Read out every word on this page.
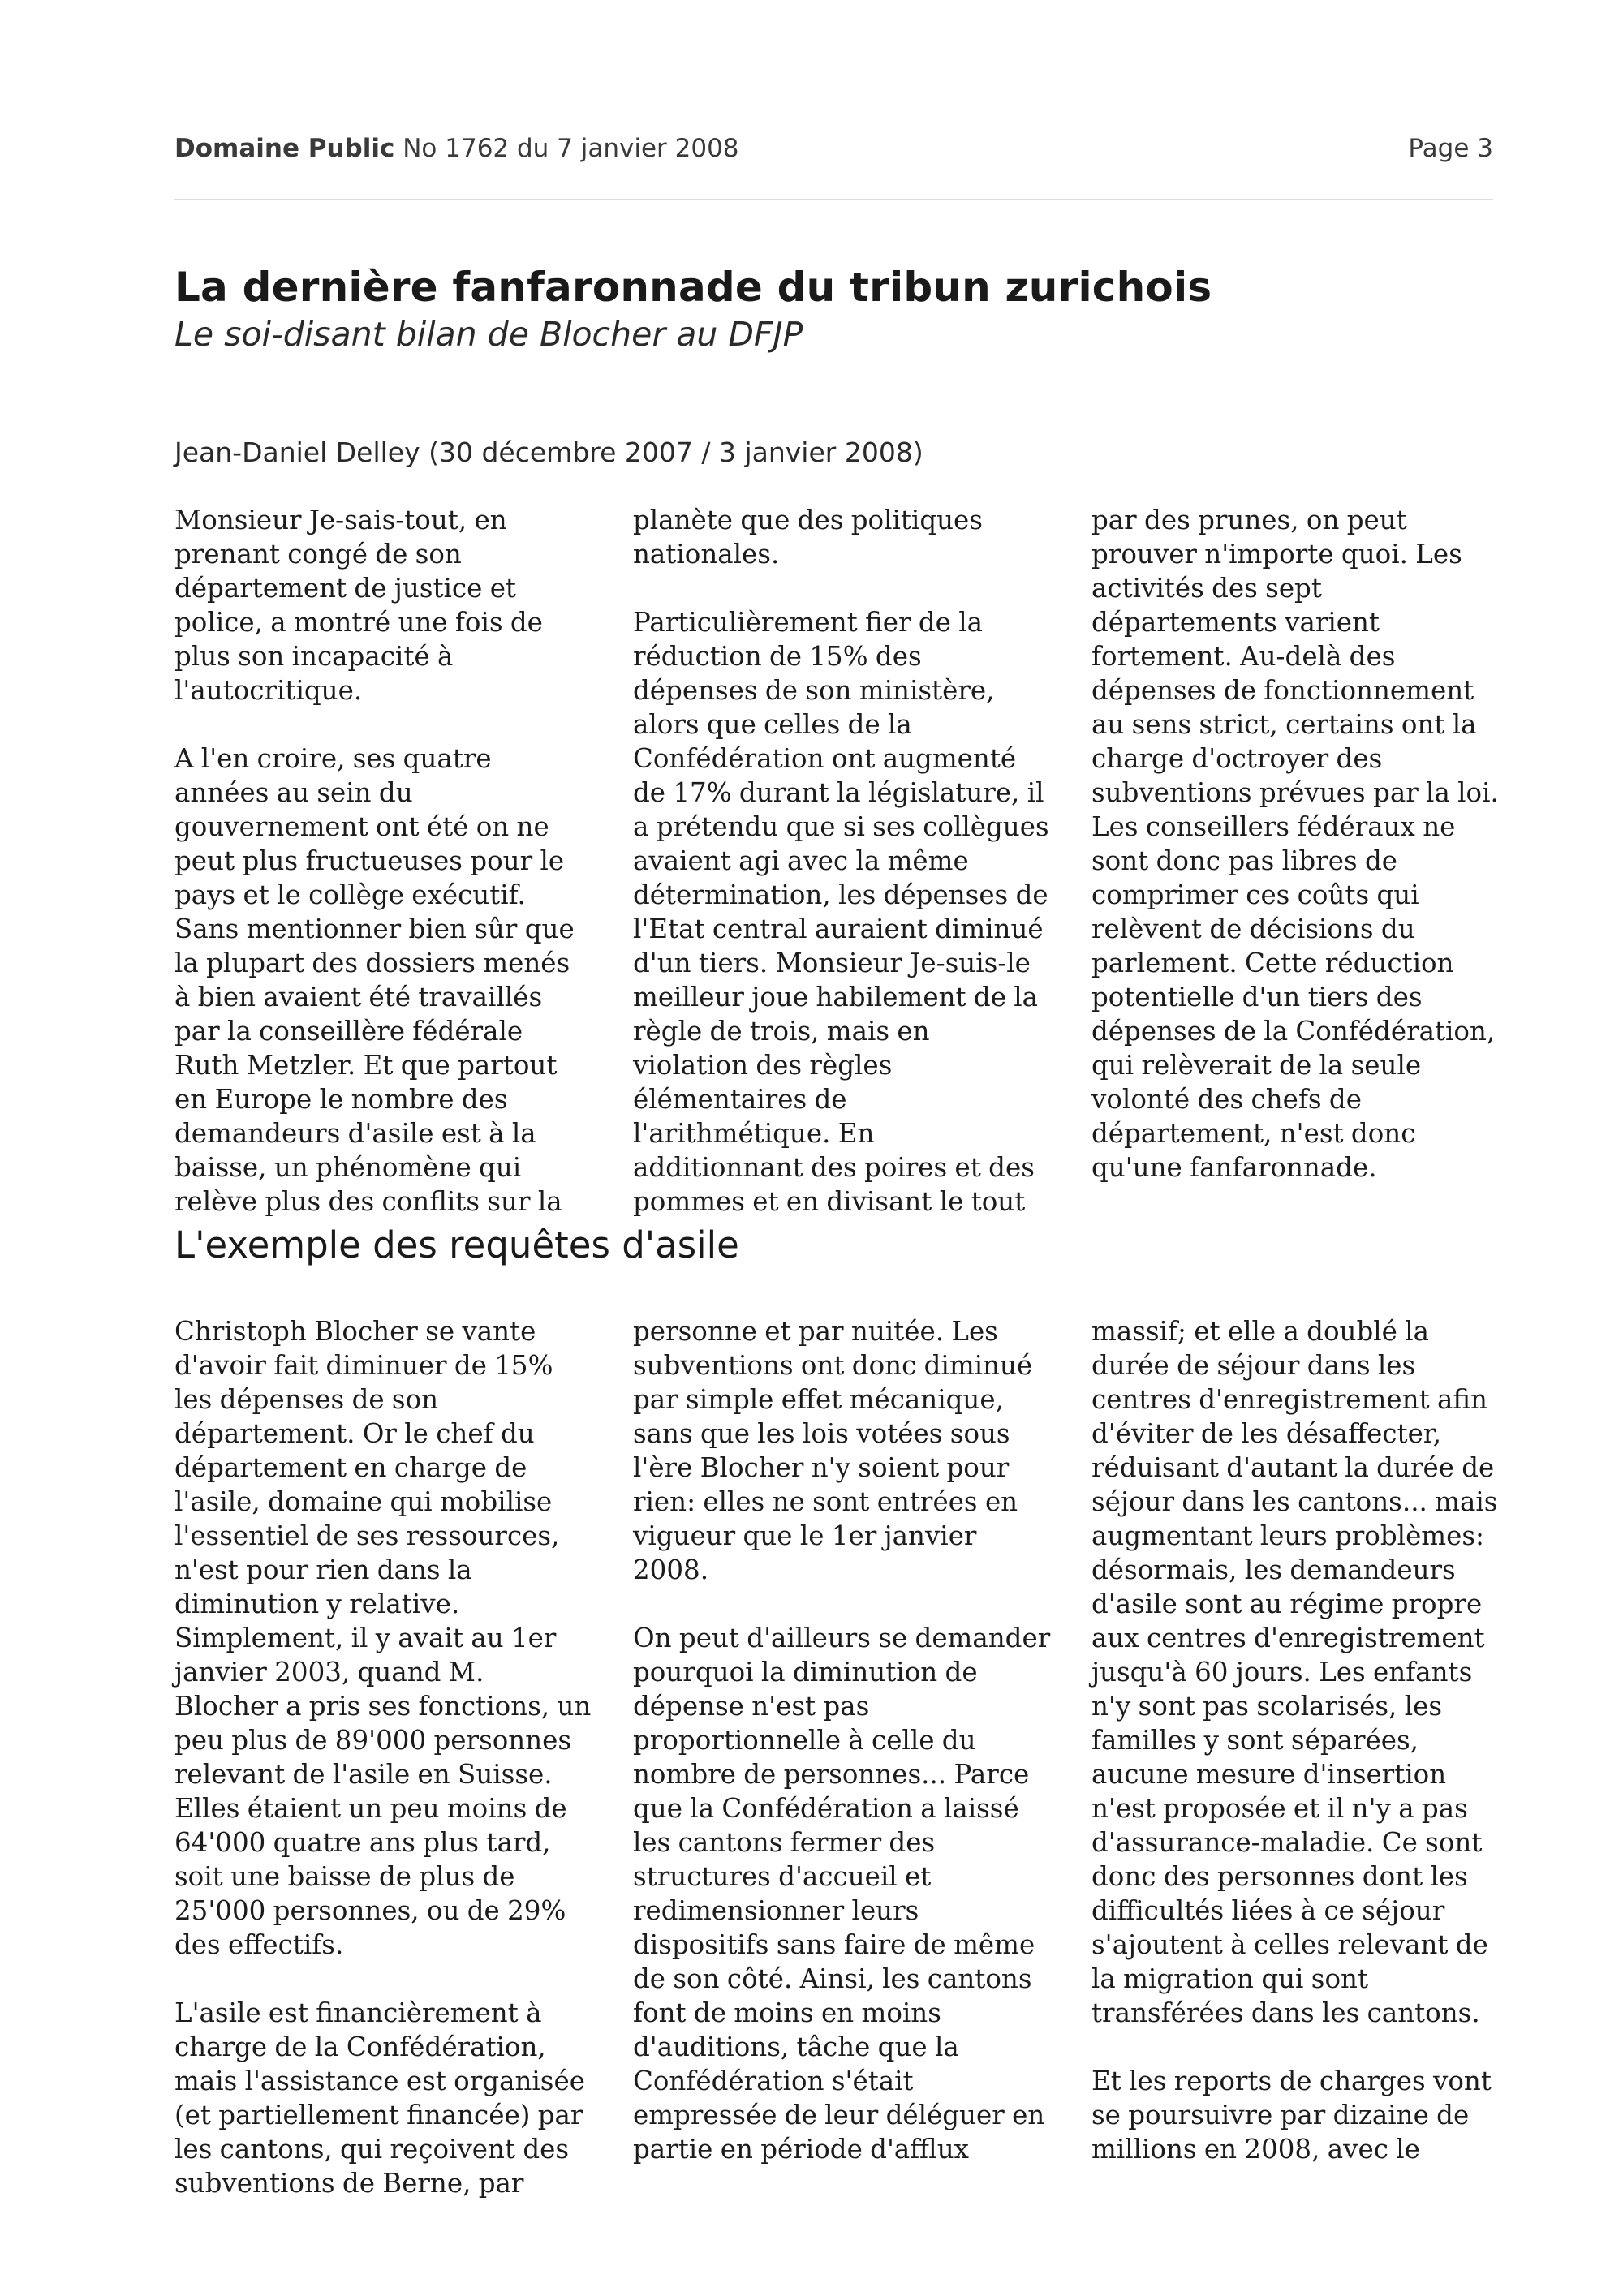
Domaine Public No 1762 du 7 janvier 2008	Page 3
La dernière fanfaronnade du tribun zurichois
Le soi-disant bilan de Blocher au DFJP
Jean-Daniel Delley (30 décembre 2007 / 3 janvier 2008)

Monsieur Je-sais-tout, en prenant congé de son département de justice et police, a montré une fois de plus son incapacité à l'autocritique.

A l'en croire, ses quatre années au sein du gouvernement ont été on ne peut plus fructueuses pour le pays et le collège exécutif. Sans mentionner bien sûr que la plupart des dossiers menés à bien avaient été travaillés par la conseillère fédérale Ruth Metzler. Et que partout en Europe le nombre des demandeurs d'asile est à la baisse, un phénomène qui relève plus des conflits sur la

planète que des politiques nationales.

Particulièrement fier de la réduction de 15% des dépenses de son ministère, alors que celles de la Confédération ont augmenté de 17% durant la législature, il a prétendu que si ses collègues avaient agi avec la même détermination, les dépenses de l'Etat central auraient diminué d'un tiers. Monsieur Je-suis-le meilleur joue habilement de la règle de trois, mais en violation des règles élémentaires de l'arithmétique. En additionnant des poires et des pommes et en divisant le tout

par des prunes, on peut prouver n'importe quoi. Les activités des sept départements varient fortement. Au-delà des dépenses de fonctionnement au sens strict, certains ont la charge d'octroyer des subventions prévues par la loi. Les conseillers fédéraux ne sont donc pas libres de comprimer ces coûts qui relèvent de décisions du parlement. Cette réduction potentielle d'un tiers des dépenses de la Confédération, qui relèverait de la seule volonté des chefs de département, n'est donc qu'une fanfaronnade.

L'exemple des requêtes d'asile

Christoph Blocher se vante d'avoir fait diminuer de 15% les dépenses de son département. Or le chef du département en charge de l'asile, domaine qui mobilise l'essentiel de ses ressources, n'est pour rien dans la diminution y relative. Simplement, il y avait au 1er janvier 2003, quand M. Blocher a pris ses fonctions, un peu plus de 89'000 personnes relevant de l'asile en Suisse. Elles étaient un peu moins de 64'000 quatre ans plus tard, soit une baisse de plus de 25'000 personnes, ou de 29% des effectifs.

L'asile est financièrement à charge de la Confédération, mais l'assistance est organisée (et partiellement financée) par les cantons, qui reçoivent des subventions de Berne, par

personne et par nuitée. Les subventions ont donc diminué par simple effet mécanique, sans que les lois votées sous l'ère Blocher n'y soient pour rien: elles ne sont entrées en vigueur que le 1er janvier 2008.

On peut d'ailleurs se demander pourquoi la diminution de dépense n'est pas proportionnelle à celle du nombre de personnes... Parce que la Confédération a laissé les cantons fermer des structures d'accueil et redimensionner leurs dispositifs sans faire de même de son côté. Ainsi, les cantons font de moins en moins d'auditions, tâche que la Confédération s'était empressée de leur déléguer en partie en période d'afflux

massif; et elle a doublé la durée de séjour dans les centres d'enregistrement afin d'éviter de les désaffecter, réduisant d'autant la durée de séjour dans les cantons... mais augmentant leurs problèmes: désormais, les demandeurs d'asile sont au régime propre aux centres d'enregistrement jusqu'à 60 jours. Les enfants n'y sont pas scolarisés, les familles y sont séparées, aucune mesure d'insertion n'est proposée et il n'y a pas d'assurance-maladie. Ce sont donc des personnes dont les difficultés liées à ce séjour s'ajoutent à celles relevant de la migration qui sont transférées dans les cantons.

Et les reports de charges vont se poursuivre par dizaine de millions en 2008, avec le
